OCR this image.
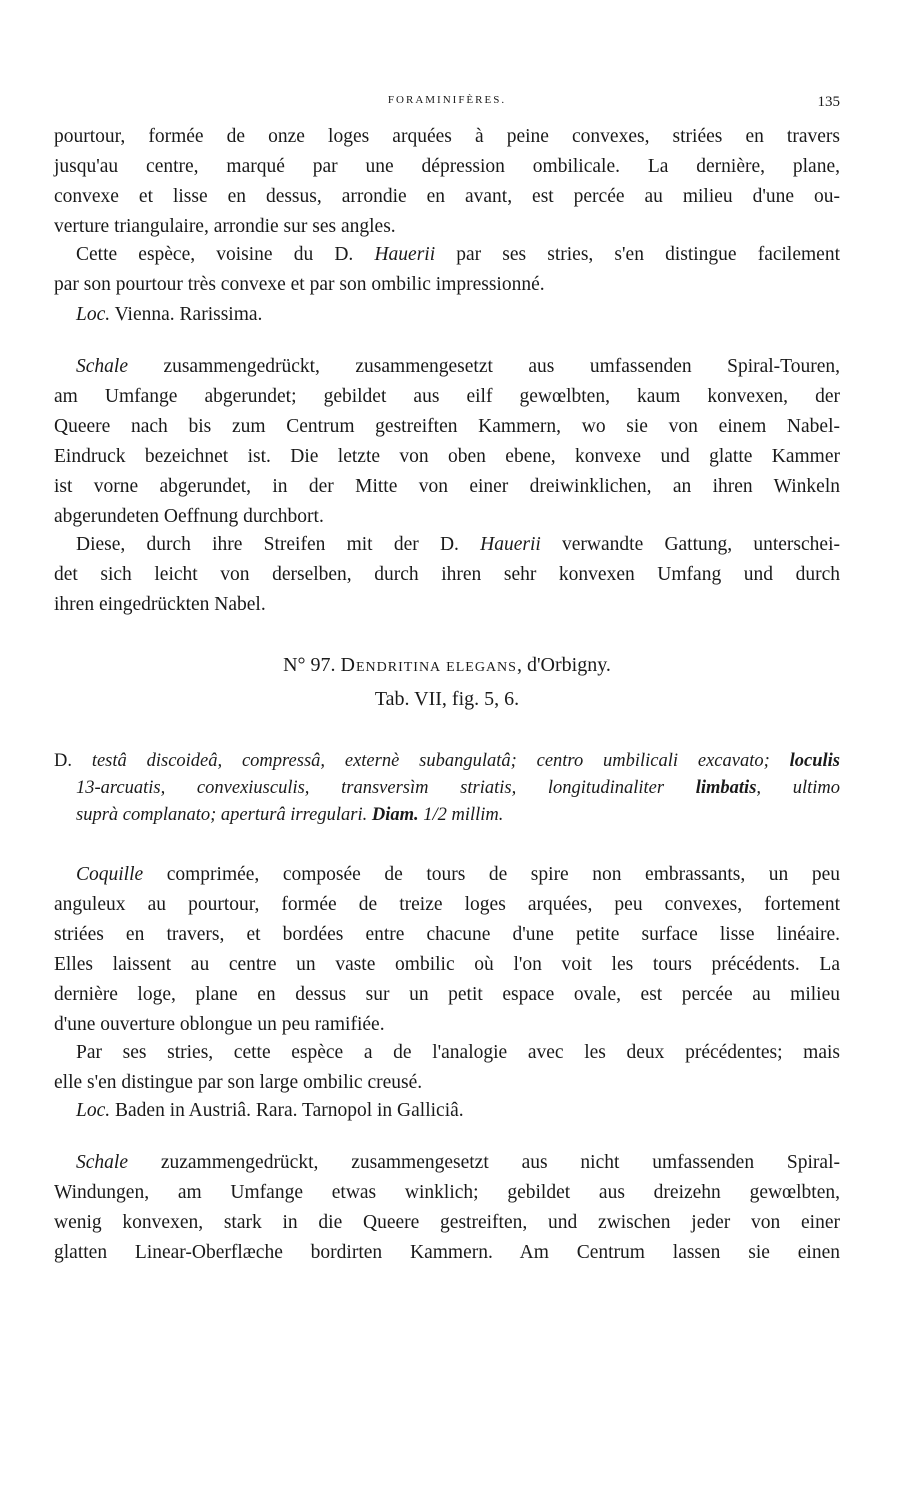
FORAMINIFÈRES.	135
pourtour, formée de onze loges arquées à peine convexes, striées en travers
jusqu'au centre, marqué par une dépression ombilicale. La dernière, plane,
convexe et lisse en dessus, arrondie en avant, est percée au milieu d'une ou-
verture triangulaire, arrondie sur ses angles.
Cette espèce, voisine du D. Hauerii par ses stries, s'en distingue facilement
par son pourtour très convexe et par son ombilic impressionné.
Loc. Vienna. Rarissima.
Schale zusammengedrückt, zusammengesetzt aus umfassenden Spiral-Touren,
am Umfange abgerundet; gebildet aus eilf gewœlbten, kaum konvexen, der
Queere nach bis zum Centrum gestreiften Kammern, wo sie von einem Nabel-
Eindruck bezeichnet ist. Die letzte von oben ebene, konvexe und glatte Kammer
ist vorne abgerundet, in der Mitte von einer dreiwinklichen, an ihren Winkeln
abgerundeten Oeffnung durchbort.
Diese, durch ihre Streifen mit der D. Hauerii verwandte Gattung, unterschei-
det sich leicht von derselben, durch ihren sehr konvexen Umfang und durch
ihren eingedrückten Nabel.
N° 97. Dendritina elegans, d'Orbigny.
Tab. VII, fig. 5, 6.
D. testâ discoideâ, compressâ, externè subangulatâ; centro umbilicali excavato; loculis
13-arcuatis, convexiusculis, transversìm striatis, longitudinaliter limbatis, ultimo
suprà complanato; aperturâ irregulari. Diam. 1/2 millim.
Coquille comprimée, composée de tours de spire non embrassants, un peu
anguleux au pourtour, formée de treize loges arquées, peu convexes, fortement
striées en travers, et bordées entre chacune d'une petite surface lisse linéaire.
Elles laissent au centre un vaste ombilic où l'on voit les tours précédents. La
dernière loge, plane en dessus sur un petit espace ovale, est percée au milieu
d'une ouverture oblongue un peu ramifiée.
Par ses stries, cette espèce a de l'analogie avec les deux précédentes; mais
elle s'en distingue par son large ombilic creusé.
Loc. Baden in Austriâ. Rara. Tarnopol in Galliciâ.
Schale zuzammengedrückt, zusammengesetzt aus nicht umfassenden Spiral-
Windungen, am Umfange etwas winklich; gebildet aus dreizehn gewœlbten,
wenig konvexen, stark in die Queere gestreiften, und zwischen jeder von einer
glatten Linear-Oberflæche bordirten Kammern. Am Centrum lassen sie einen
